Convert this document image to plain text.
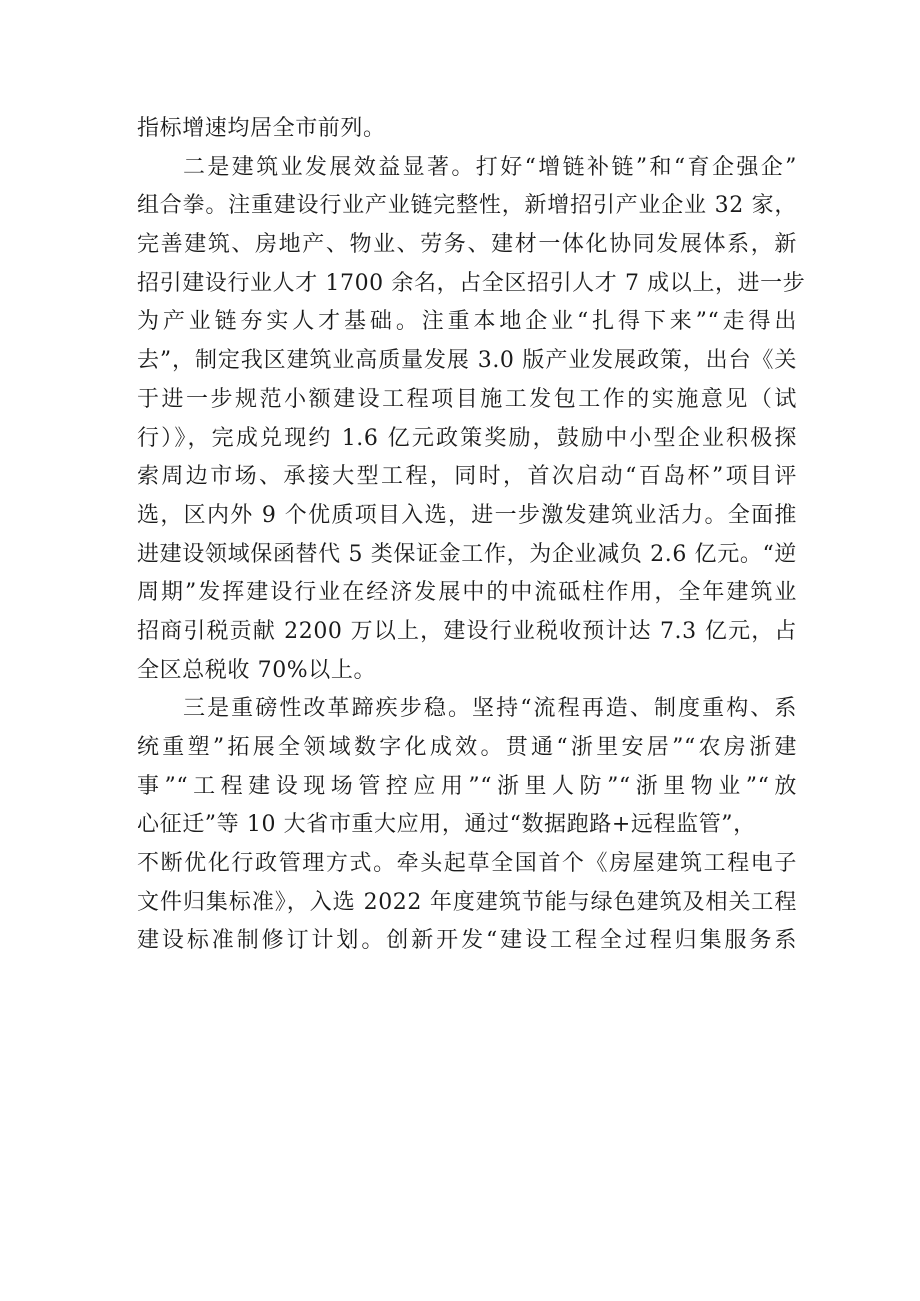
指标增速均居全市前列。
二是建筑业发展效益显著。打好“增链补链”和“育企强企”
组合拳。注重建设行业产业链完整性，新增招引产业企业 32 家，
完善建筑、房地产、物业、劳务、建材一体化协同发展体系，新
招引建设行业人才 1700 余名，占全区招引人才 7 成以上，进一步
为产业链夯实人才基础。注重本地企业“扎得下来”“走得出
去”，制定我区建筑业高质量发展 3.0 版产业发展政策，出台《关
于进一步规范小额建设工程项目施工发包工作的实施意见（试
行）》，完成兑现约 1.6 亿元政策奖励，鼓励中小型企业积极探
索周边市场、承接大型工程，同时，首次启动“百岛杯”项目评
选，区内外 9 个优质项目入选，进一步激发建筑业活力。全面推
进建设领域保函替代 5 类保证金工作，为企业减负 2.6 亿元。“逆
周期”发挥建设行业在经济发展中的中流砥柱作用，全年建筑业
招商引税贡献 2200 万以上，建设行业税收预计达 7.3 亿元，占
全区总税收 70%以上。
三是重磅性改革蹄疾步稳。坚持“流程再造、制度重构、系
统重塑”拓展全领域数字化成效。贯通“浙里安居”“农房浙建
事”“工程建设现场管控应用”“浙里人防”“浙里物业”“放
心征迁”等 10 大省市重大应用，通过“数据跑路+远程监管”，
不断优化行政管理方式。牵头起草全国首个《房屋建筑工程电子
文件归集标准》，入选 2022 年度建筑节能与绿色建筑及相关工程
建设标准制修订计划。创新开发“建设工程全过程归集服务系
